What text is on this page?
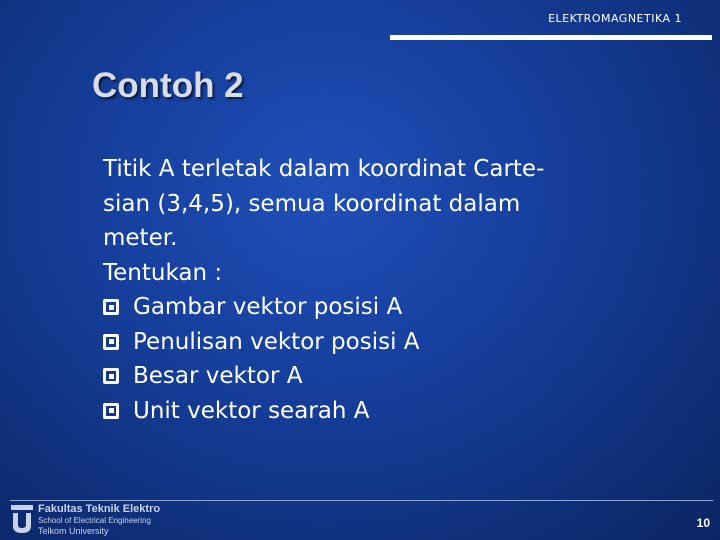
ELEKTROMAGNETIKA 1
Contoh 2

Titik A terletak dalam koordinat Carte-

sian (3,4,5), semua koordinat dalam

meter.

Tentukan :

Gambar vektor posisi A
Penulisan vektor posisi A
Besar vektor A
Unit vektor searah A
Fakultas Teknik Elektro
School of Electrical Engineering
Telkom University
10
